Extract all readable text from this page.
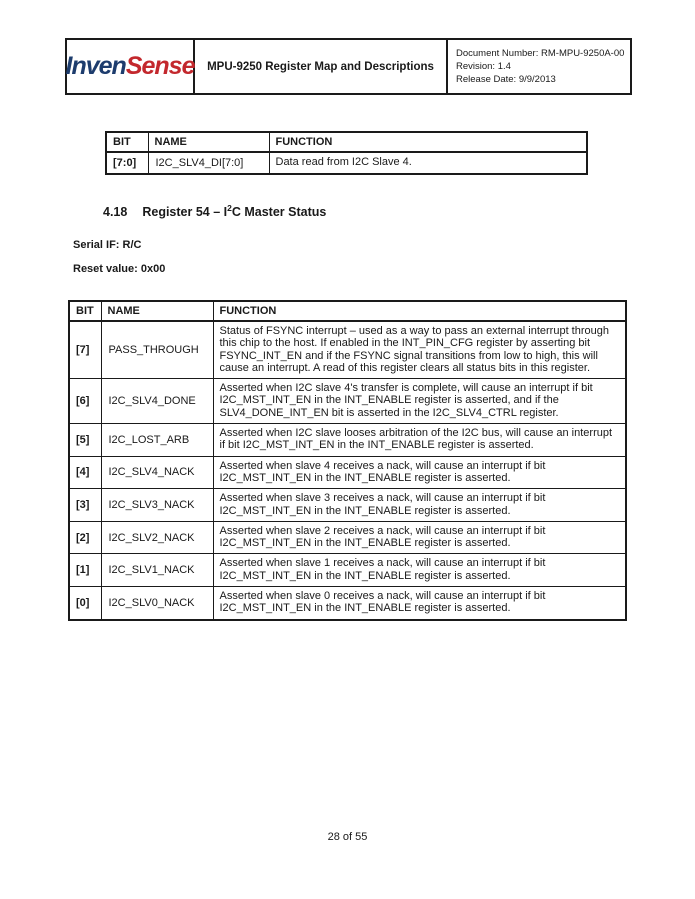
InvenSense MPU-9250 Register Map and Descriptions
Document Number: RM-MPU-9250A-00
Revision: 1.4
Release Date: 9/9/2013
BIT	NAME	FUNCTION
[7:0]	I2C_SLV4_DI[7:0]	Data read from I2C Slave 4.
4.18 Register $54 - I^2C$ Master Status
Serial IF: R/C
Reset value: 0x00
BIT	NAME	FUNCTION
[7]	PASS_THROUGH	Status of FSYNC interrupt – used as a way to pass an external interrupt through this chip to the host. If enabled in the INT_PIN_CFG register by asserting bit FSYNC_INT_EN and if the FSYNC signal transitions from low to high, this will cause an interrupt. A read of this register clears all status bits in this register.
[6]	I2C_SLV4_DONE	Asserted when I2C slave 4's transfer is complete, will cause an interrupt if bit I2C_MST_INT_EN in the INT_ENABLE register is asserted, and if the SLV4_DONE_INT_EN bit is asserted in the I2C_SLV4_CTRL register.
[5]	I2C_LOST_ARB	Asserted when I2C slave looses arbitration of the I2C bus, will cause an interrupt if bit I2C_MST_INT_EN in the INT_ENABLE register is asserted.
[4]	I2C_SLV4_NACK	Asserted when slave 4 receives a nack, will cause an interrupt if bit I2C_MST_INT_EN in the INT_ENABLE register is asserted.
[3]	I2C_SLV3_NACK	Asserted when slave 3 receives a nack, will cause an interrupt if bit I2C_MST_INT_EN in the INT_ENABLE register is asserted.
[2]	I2C_SLV2_NACK	Asserted when slave 2 receives a nack, will cause an interrupt if bit I2C_MST_INT_EN in the INT_ENABLE register is asserted.
[1]	I2C_SLV1_NACK	Asserted when slave 1 receives a nack, will cause an interrupt if bit I2C_MST_INT_EN in the INT_ENABLE register is asserted.
[0]	I2C_SLV0_NACK	Asserted when slave 0 receives a nack, will cause an interrupt if bit I2C_MST_INT_EN in the INT_ENABLE register is asserted.
28 of 55
